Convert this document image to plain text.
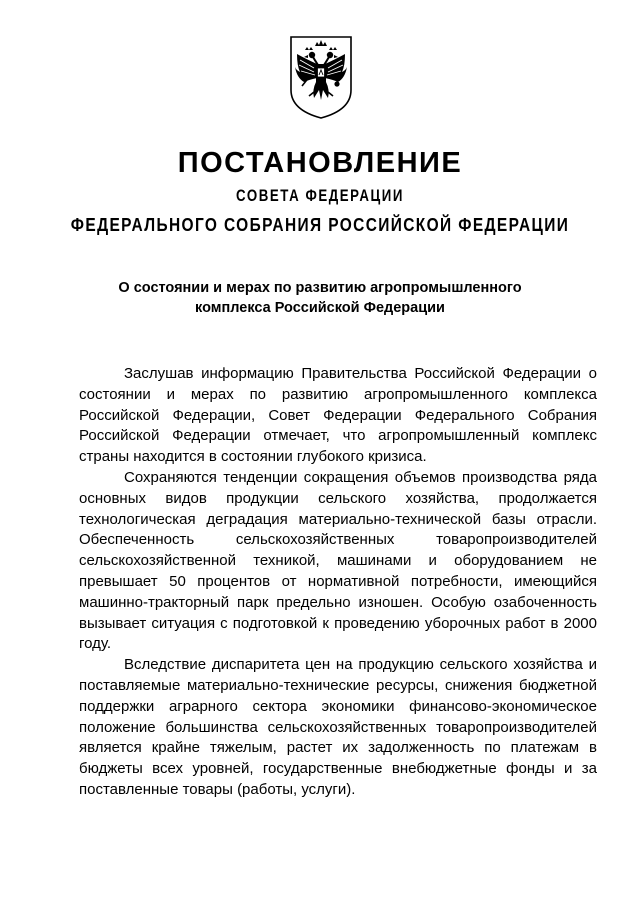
ПОСТАНОВЛЕНИЕ
СОВЕТА ФЕДЕРАЦИИ
ФЕДЕРАЛЬНОГО СОБРАНИЯ РОССИЙСКОЙ ФЕДЕРАЦИИ
О состоянии и мерах по развитию агропромышленного
комплекса Российской Федерации

Заслушав информацию Правительства Российской Федерации о состоянии и мерах по развитию агропромышленного комплекса Российской Федерации, Совет Федерации Федерального Собрания Российской Федерации отмечает, что агропромышленный комплекс страны находится в состоянии глубокого кризиса.

Сохраняются тенденции сокращения объемов производства ряда основных видов продукции сельского хозяйства, продолжается технологическая деградация материально-технической базы отрасли. Обеспеченность сельскохозяйственных товаропроизводителей сельскохозяйственной техникой, машинами и оборудованием не превышает 50 процентов от нормативной потребности, имеющийся машинно-тракторный парк предельно изношен. Особую озабоченность вызывает ситуация с подготовкой к проведению уборочных работ в 2000 году.

Вследствие диспаритета цен на продукцию сельского хозяйства и поставляемые материально-технические ресурсы, снижения бюджетной поддержки аграрного сектора экономики финансово-экономическое положение большинства сельскохозяйственных товаропроизводителей является крайне тяжелым, растет их задолженность по платежам в бюджеты всех уровней, государственные внебюджетные фонды и за поставленные товары (работы, услуги).
